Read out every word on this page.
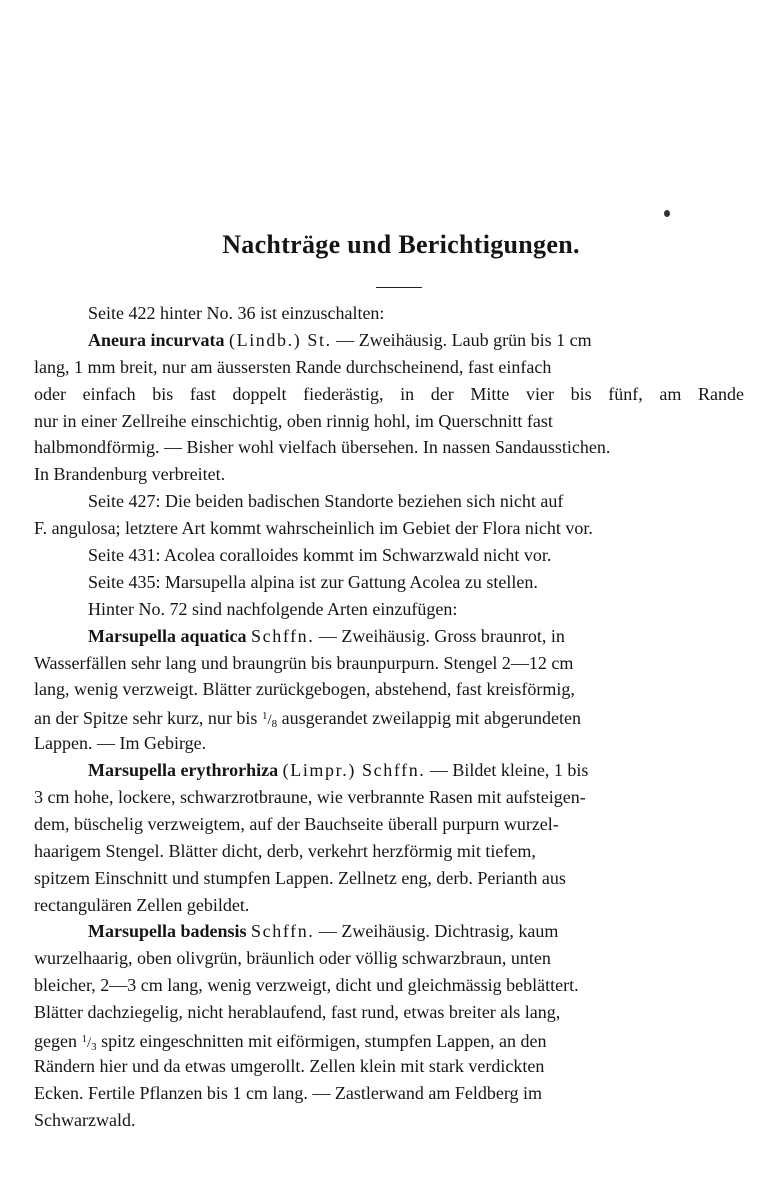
Nachträge und Berichtigungen.
Seite 422 hinter No. 36 ist einzuschalten:
Aneura incurvata (Lindb.) St. — Zweihäusig. Laub grün bis 1 cm
lang, 1 mm breit, nur am äussersten Rande durchscheinend, fast einfach
oder einfach bis fast doppelt fiederästig, in der Mitte vier bis fünf, am Rande
nur in einer Zellreihe einschichtig, oben rinnig hohl, im Querschnitt fast
halbmondförmig. — Bisher wohl vielfach übersehen. In nassen Sandausstichen.
In Brandenburg verbreitet.
Seite 427: Die beiden badischen Standorte beziehen sich nicht auf
F. angulosa; letztere Art kommt wahrscheinlich im Gebiet der Flora nicht vor.
Seite 431: Acolea coralloides kommt im Schwarzwald nicht vor.
Seite 435: Marsupella alpina ist zur Gattung Acolea zu stellen.
Hinter No. 72 sind nachfolgende Arten einzufügen:
Marsupella aquatica Schffn. — Zweihäusig. Gross braunrot, in
Wasserfällen sehr lang und braungrün bis braunpurpurn. Stengel 2—12 cm
lang, wenig verzweigt. Blätter zurückgebogen, abstehend, fast kreisförmig,
an der Spitze sehr kurz, nur bis $^1/_8$ ausgerandet zweilappig mit abgerundeten
Lappen. — Im Gebirge.
Marsupella erythrorhiza (Limpr.) Schffn. — Bildet kleine, 1 bis
3 cm hohe, lockere, schwarzrotbraune, wie verbrannte Rasen mit aufsteigen-
dem, büschelig verzweigtem, auf der Bauchseite überall purpurn wurzel-
haarigem Stengel. Blätter dicht, derb, verkehrt herzförmig mit tiefem,
spitzem Einschnitt und stumpfen Lappen. Zellnetz eng, derb. Perianth aus
rectangulären Zellen gebildet.
Marsupella badensis Schffn. — Zweihäusig. Dichtrasig, kaum
wurzelhaarig, oben olivgrün, bräunlich oder völlig schwarzbraun, unten
bleicher, 2—3 cm lang, wenig verzweigt, dicht und gleichmässig beblättert.
Blätter dachziegelig, nicht herablaufend, fast rund, etwas breiter als lang,
gegen $^1/_3$ spitz eingeschnitten mit eiförmigen, stumpfen Lappen, an den
Rändern hier und da etwas umgerollt. Zellen klein mit stark verdickten
Ecken. Fertile Pflanzen bis 1 cm lang. — Zastlerwand am Feldberg im
Schwarzwald.
